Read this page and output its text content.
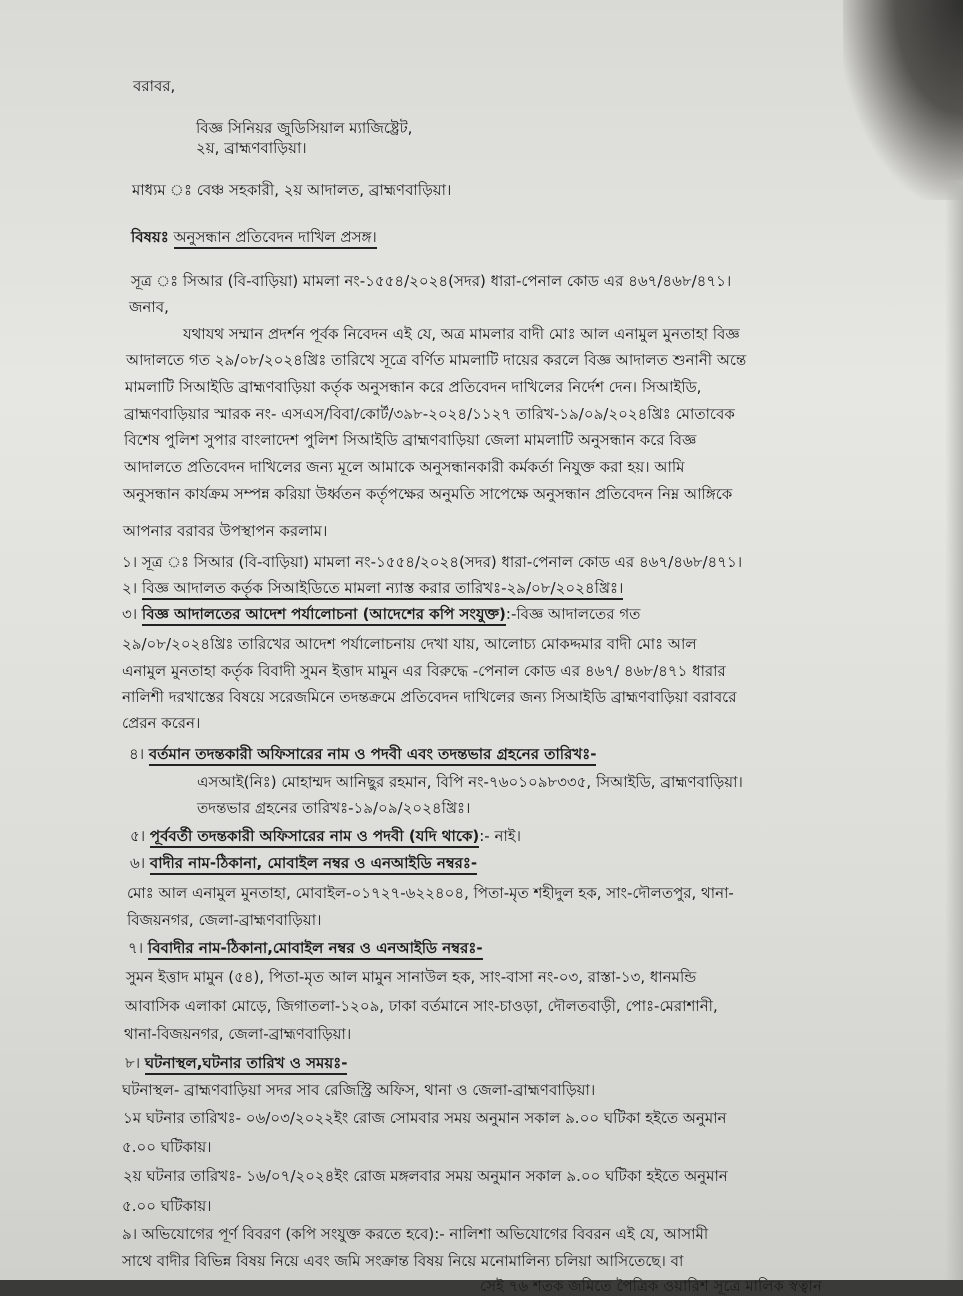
বরাবর,
বিজ্ঞ সিনিয়র জুডিসিয়াল ম্যাজিষ্ট্রেট,
২য়, ব্রাহ্মণবাড়িয়া।
মাধ্যম ঃ বেঞ্চ সহকারী, ২য় আদালত, ব্রাহ্মণবাড়িয়া।
বিষয়ঃ অনুসন্ধান প্রতিবেদন দাখিল প্রসঙ্গ।
সূত্র ঃ সিআর (বি-বাড়িয়া) মামলা নং-১৫৫৪/২০২৪(সদর) ধারা-পেনাল কোড এর ৪৬৭/৪৬৮/৪৭১।
জনাব,
যথাযথ সম্মান প্রদর্শন পূর্বক নিবেদন এই যে, অত্র মামলার বাদী মোঃ আল এনামুল মুনতাহা বিজ্ঞ
আদালতে গত ২৯/০৮/২০২৪খ্রিঃ তারিখে সূত্রে বর্ণিত মামলাটি দায়ের করলে বিজ্ঞ আদালত শুনানী অন্তে
মামলাটি সিআইডি ব্রাহ্মণবাড়িয়া কর্তৃক অনুসন্ধান করে প্রতিবেদন দাখিলের নির্দেশ দেন। সিআইডি,
ব্রাহ্মণবাড়িয়ার স্মারক নং- এসএস/বিবা/কোর্ট/৩৯৮-২০২৪/১১২৭ তারিখ-১৯/০৯/২০২৪খ্রিঃ মোতাবেক
বিশেষ পুলিশ সুপার বাংলাদেশ পুলিশ সিআইডি ব্রাহ্মণবাড়িয়া জেলা মামলাটি অনুসন্ধান করে বিজ্ঞ
আদালতে প্রতিবেদন দাখিলের জন্য মূলে আমাকে অনুসন্ধানকারী কর্মকর্তা নিযুক্ত করা হয়। আমি
অনুসন্ধান কার্যক্রম সম্পন্ন করিয়া উর্ধ্বতন কর্তৃপক্ষের অনুমতি সাপেক্ষে অনুসন্ধান প্রতিবেদন নিম্ন আঙ্গিকে
আপনার বরাবর উপস্থাপন করলাম।
১। সূত্র ঃ সিআর (বি-বাড়িয়া) মামলা নং-১৫৫৪/২০২৪(সদর) ধারা-পেনাল কোড এর ৪৬৭/৪৬৮/৪৭১।
২। বিজ্ঞ আদালত কর্তৃক সিআইডিতে মামলা ন্যাস্ত করার তারিখঃ-২৯/০৮/২০২৪খ্রিঃ।
৩। বিজ্ঞ আদালতের আদেশ পর্যালোচনা (আদেশের কপি সংযুক্ত):-বিজ্ঞ আদালতের গত
২৯/০৮/২০২৪খ্রিঃ তারিখের আদেশ পর্যালোচনায় দেখা যায়, আলোচ্য মোকদ্দমার বাদী মোঃ আল
এনামুল মুনতাহা কর্তৃক বিবাদী সুমন ইত্তাদ মামুন এর বিরুদ্ধে -পেনাল কোড এর ৪৬৭/ ৪৬৮/৪৭১ ধারার
নালিশী দরখাস্তের বিষয়ে সরেজমিনে তদন্তক্রমে প্রতিবেদন দাখিলের জন্য সিআইডি ব্রাহ্মণবাড়িয়া বরাবরে
প্রেরন করেন।
৪। বর্তমান তদন্তকারী অফিসারের নাম ও পদবী এবং তদন্তভার গ্রহনের তারিখঃ-
এসআই(নিঃ) মোহাম্মদ আনিছুর রহমান, বিপি নং-৭৬০১০৯৮৩৩৫, সিআইডি, ব্রাহ্মণবাড়িয়া।
তদন্তভার গ্রহনের তারিখঃ-১৯/০৯/২০২৪খ্রিঃ।
৫। পূর্ববর্তী তদন্তকারী অফিসারের নাম ও পদবী (যদি থাকে):- নাই।
৬। বাদীর নাম-ঠিকানা, মোবাইল নম্বর ও এনআইডি নম্বরঃ-
মোঃ আল এনামুল মুনতাহা, মোবাইল-০১৭২৭-৬২২৪০৪, পিতা-মৃত শহীদুল হক, সাং-দৌলতপুর, থানা-
বিজয়নগর, জেলা-ব্রাহ্মণবাড়িয়া।
৭। বিবাদীর নাম-ঠিকানা,মোবাইল নম্বর ও এনআইডি নম্বরঃ-
সুমন ইত্তাদ মামুন (৫৪), পিতা-মৃত আল মামুন সানাউল হক, সাং-বাসা নং-০৩, রাস্তা-১৩, ধানমন্ডি
আবাসিক এলাকা মোড়ে, জিগাতলা-১২০৯, ঢাকা বর্তমানে সাং-চাওড়া, দৌলতবাড়ী, পোঃ-মেরাশানী,
থানা-বিজয়নগর, জেলা-ব্রাহ্মণবাড়িয়া।
৮। ঘটনাস্থল,ঘটনার তারিখ ও সময়ঃ-
ঘটনাস্থল- ব্রাহ্মণবাড়িয়া সদর সাব রেজিস্ট্রি অফিস, থানা ও জেলা-ব্রাহ্মণবাড়িয়া।
১ম ঘটনার তারিখঃ- ০৬/০৩/২০২২ইং রোজ সোমবার সময় অনুমান সকাল ৯.০০ ঘটিকা হইতে অনুমান
৫.০০ ঘটিকায়।
২য় ঘটনার তারিখঃ- ১৬/০৭/২০২৪ইং রোজ মঙ্গলবার সময় অনুমান সকাল ৯.০০ ঘটিকা হইতে অনুমান
৫.০০ ঘটিকায়।
৯। অভিযোগের পূর্ণ বিবরণ (কপি সংযুক্ত করতে হবে):- নালিশা অভিযোগের বিবরন এই যে, আসামী
সাথে বাদীর বিভিন্ন বিষয় নিয়ে এবং জমি সংক্রান্ত বিষয় নিয়ে মনোমালিন্য চলিয়া আসিতেছে। বা
সেই ৭৬ শতক জমিতে পৈত্রিক ওয়ারিশ সূত্রে মালিক স্বত্বান
